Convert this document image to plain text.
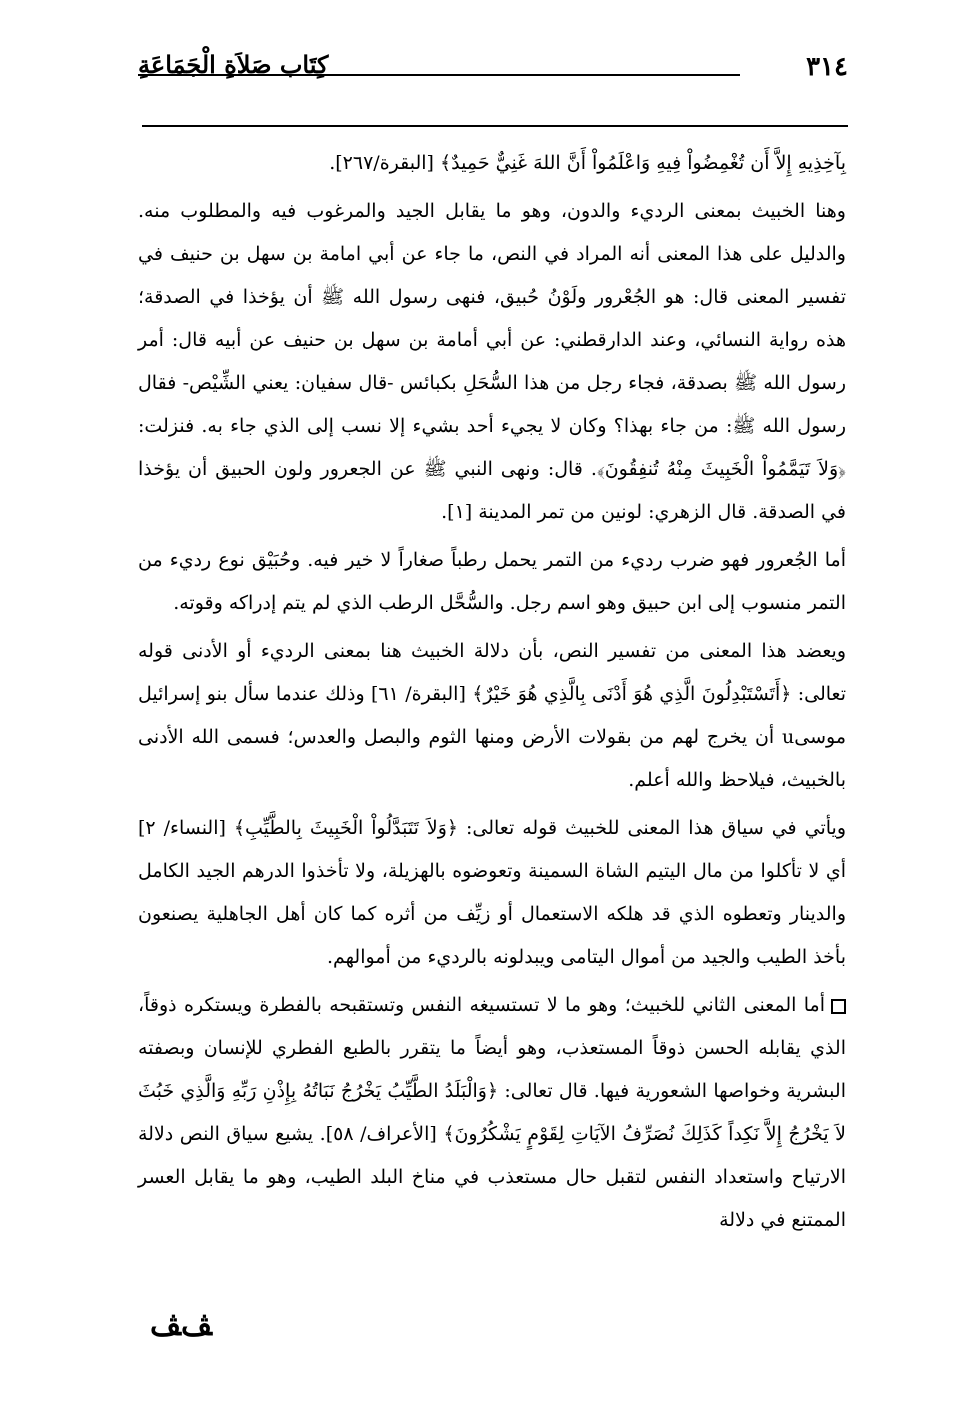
٣١٤
كِتَاب صَلاَةِ الْجَمَاعَةِ

بِآخِذِيهِ إِلاَّ أَن تُغْمِضُواْ فِيهِ وَاعْلَمُواْ أَنَّ اللهَ غَنِيٌّ حَمِيدٌ﴾ [البقرة/٢٦٧].

وهنا الخبيث بمعنى الرديء والدون، وهو ما يقابل الجيد والمرغوب فيه والمطلوب منه. والدليل على هذا المعنى أنه المراد في النص، ما جاء عن أبي امامة بن سهل بن حنيف في تفسير المعنى قال: هو الجُعْرور ولَوْنُ حُبيق، فنهى رسول الله ﷺ أن يؤخذا في الصدقة؛ هذه رواية النسائي، وعند الدارقطني: عن أبي أمامة بن سهل بن حنيف عن أبيه قال: أمر رسول الله ﷺ بصدقة، فجاء رجل من هذا السُّحَلِ بكبائس -قال سفيان: يعني الشِّيْص- فقال رسول الله ﷺ: من جاء بهذا؟ وكان لا يجيء أحد بشيء إلا نسب إلى الذي جاء به. فنزلت: ﴿وَلاَ تَيَمَّمُواْ الْخَبِيثَ مِنْهُ تُنفِقُونَ﴾. قال: ونهى النبي ﷺ عن الجعرور ولون الحبيق أن يؤخذا في الصدقة. قال الزهري: لونين من تمر المدينة [١].

أما الجُعرور فهو ضرب رديء من التمر يحمل رطباً صغاراً لا خير فيه. وحُبَيْق نوع رديء من التمر منسوب إلى ابن حبيق وهو اسم رجل. والسُّحَّل الرطب الذي لم يتم إدراكه وقوته.

ويعضد هذا المعنى من تفسير النص، بأن دلالة الخبيث هنا بمعنى الرديء أو الأدنى قوله تعالى: ﴿أَتَسْتَبْدِلُونَ الَّذِي هُوَ أَدْنَى بِالَّذِي هُوَ خَيْرٌ﴾ [البقرة/ ٦١] وذلك عندما سأل بنو إسرائيل موسىu أن يخرج لهم من بقولات الأرض ومنها الثوم والبصل والعدس؛ فسمى الله الأدنى بالخبيث، فيلاحظ والله أعلم.

ويأتي في سياق هذا المعنى للخبيث قوله تعالى: ﴿وَلاَ تَتَبَدَّلُواْ الْخَبِيثَ بِالطَّيِّبِ﴾ [النساء/ ٢] أي لا تأكلوا من مال اليتيم الشاة السمينة وتعوضوه بالهزيلة، ولا تأخذوا الدرهم الجيد الكامل والدينار وتعطوه الذي قد هلكه الاستعمال أو زيِّف من أثره كما كان أهل الجاهلية يصنعون بأخذ الطيب والجيد من أموال اليتامى ويبدلونه بالرديء من أموالهم.

أما المعنى الثاني للخبيث؛ وهو ما لا تستسيغه النفس وتستقبحه بالفطرة ويستكره ذوقاً، الذي يقابله الحسن ذوقاً المستعذب، وهو أيضاً ما يتقرر بالطبع الفطري للإنسان وبصفته البشرية وخواصها الشعورية فيها. قال تعالى: ﴿وَالْبَلَدُ الطَّيِّبُ يَخْرُجُ نَبَاتُهُ بِإِذْنِ رَبِّهِ وَالَّذِي خَبُثَ لاَ يَخْرُجُ إِلاَّ نَكِداً كَذَلِكَ نُصَرِّفُ الآيَاتِ لِقَوْمٍ يَشْكُرُونَ﴾ [الأعراف/ ٥٨]. يشيع سياق النص دلالة الارتياح واستعداد النفس لتقبل حال مستعذب في مناخ البلد الطيب، وهو ما يقابل العسر الممتنع في دلالة

ﭫﭫ
